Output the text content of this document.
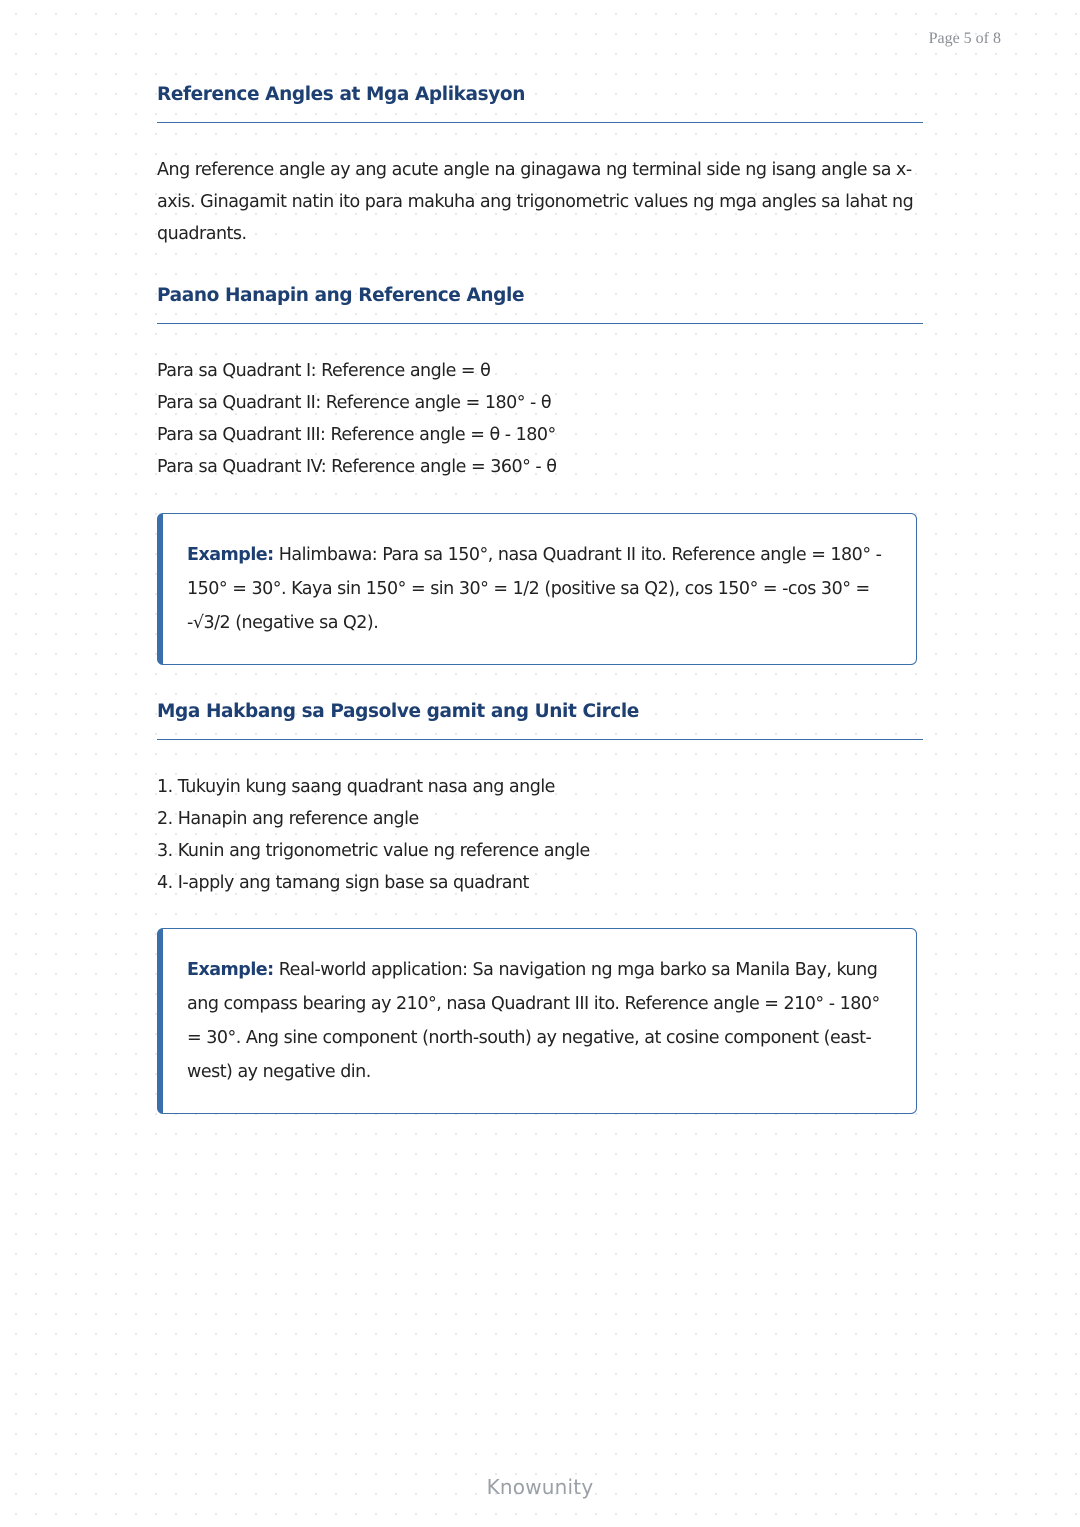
Page 5 of 8
Reference Angles at Mga Aplikasyon

Ang reference angle ay ang acute angle na ginagawa ng terminal side ng isang angle sa x-axis. Ginagamit natin ito para makuha ang trigonometric values ng mga angles sa lahat ng quadrants.

Paano Hanapin ang Reference Angle
Para sa Quadrant I: Reference angle = θ
Para sa Quadrant II: Reference angle = 180° - θ
Para sa Quadrant III: Reference angle = θ - 180°
Para sa Quadrant IV: Reference angle = 360° - θ

Example: Halimbawa: Para sa 150°, nasa Quadrant II ito. Reference angle = 180° - 150° = 30°. Kaya sin 150° = sin 30° = 1/2 (positive sa Q2), cos 150° = -cos 30° = -√3/2 (negative sa Q2).

Mga Hakbang sa Pagsolve gamit ang Unit Circle
1. Tukuyin kung saang quadrant nasa ang angle
2. Hanapin ang reference angle
3. Kunin ang trigonometric value ng reference angle
4. I-apply ang tamang sign base sa quadrant

Example: Real-world application: Sa navigation ng mga barko sa Manila Bay, kung ang compass bearing ay 210°, nasa Quadrant III ito. Reference angle = 210° - 180° = 30°. Ang sine component (north-south) ay negative, at cosine component (east-west) ay negative din.

Knowunity
